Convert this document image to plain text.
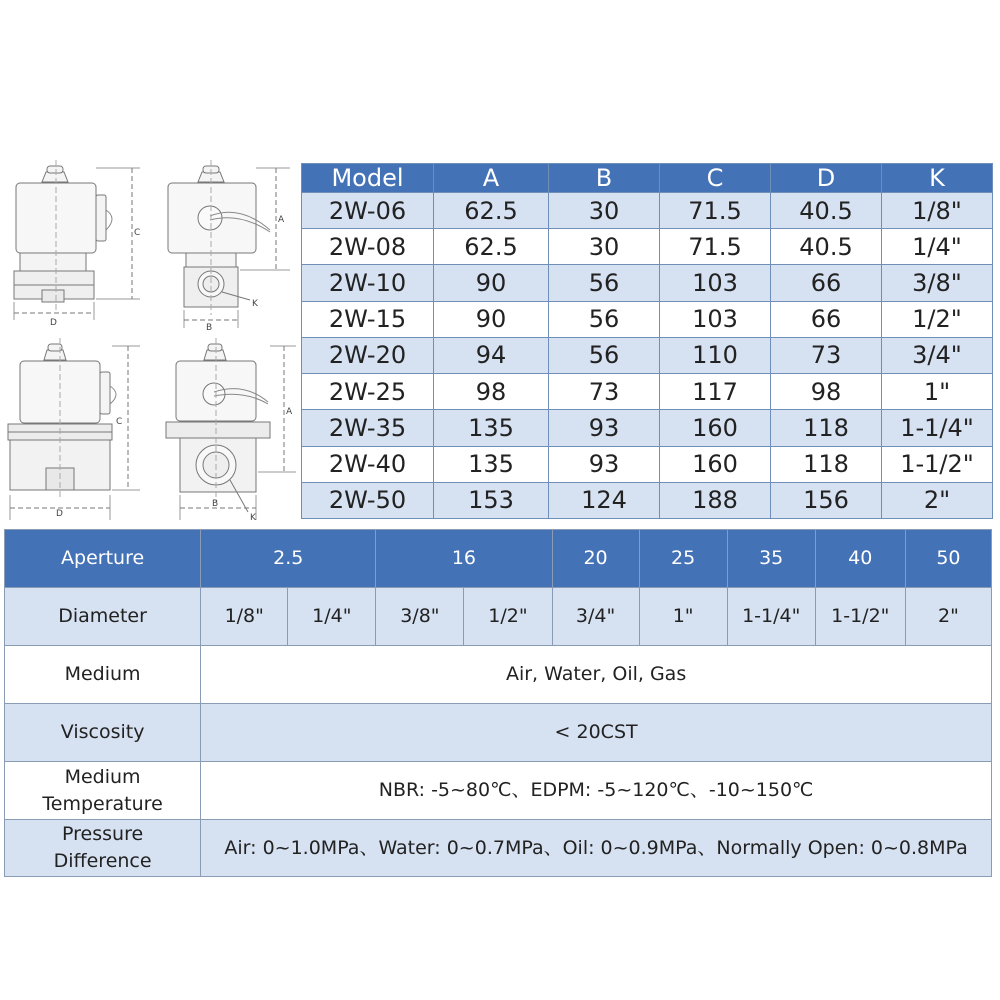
C
D
A
B
K
C
D
A
B
K
Model	A	B	C	D	K
2W-06	62.5	30	71.5	40.5	1/8"
2W-08	62.5	30	71.5	40.5	1/4"
2W-10	90	56	103	66	3/8"
2W-15	90	56	103	66	1/2"
2W-20	94	56	110	73	3/4"
2W-25	98	73	117	98	1"
2W-35	135	93	160	118	1-1/4"
2W-40	135	93	160	118	1-1/2"
2W-50	153	124	188	156	2"
Aperture	2.5		16		20	25	35	40	50
Diameter	1/8"	1/4"	3/8"	1/2"	3/4"	1"	1-1/4"	1-1/2"	2"
Medium	Air, Water, Oil, Gas								
Viscosity	< 20CST								

Medium
Temperature	NBR: -5~80℃、EDPM: -5~120℃、-10~150℃								

Pressure
Difference	Air: 0~1.0MPa、Water: 0~0.7MPa、Oil: 0~0.9MPa、Normally Open: 0~0.8MPa								
